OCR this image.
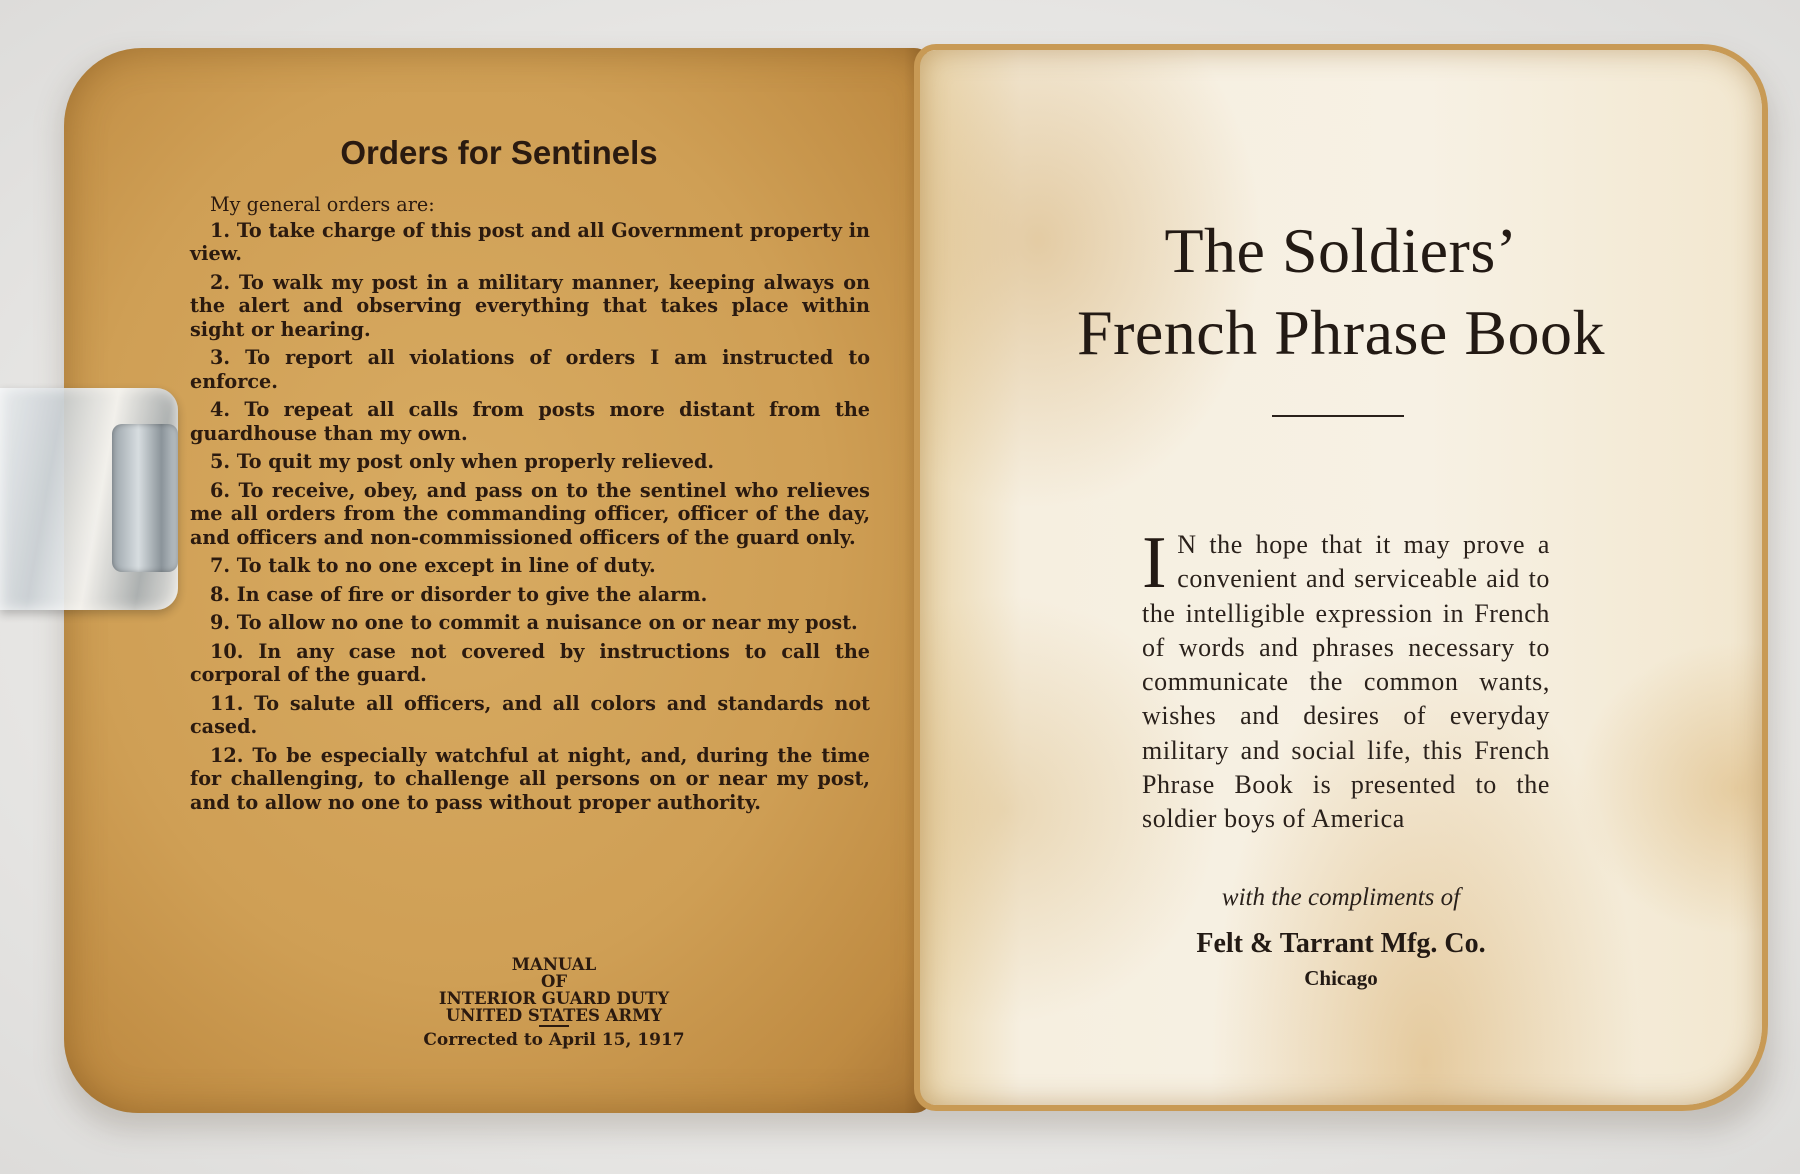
Orders for Sentinels
My general orders are:
1. To take charge of this post and all Government property in view.
2. To walk my post in a military manner, keeping always on the alert and observing everything that takes place within sight or hearing.
3. To report all violations of orders I am instructed to enforce.
4. To repeat all calls from posts more distant from the guardhouse than my own.
5. To quit my post only when properly relieved.
6. To receive, obey, and pass on to the sentinel who relieves me all orders from the commanding officer, officer of the day, and officers and non-commissioned officers of the guard only.
7. To talk to no one except in line of duty.
8. In case of fire or disorder to give the alarm.
9. To allow no one to commit a nuisance on or near my post.
10. In any case not covered by instructions to call the corporal of the guard.
11. To salute all officers, and all colors and standards not cased.
12. To be especially watchful at night, and, during the time for challenging, to challenge all persons on or near my post, and to allow no one to pass without proper authority.
MANUAL
OF
INTERIOR GUARD DUTY
UNITED STATES ARMY
Corrected to April 15, 1917
The Soldiers’
French Phrase Book
I N the hope that it may prove a convenient and serviceable aid to the intelligible expression in French of words and phrases necessary to communicate the common wants, wishes and desires of everyday military and social life, this French Phrase Book is presented to the soldier boys of America
with the compliments of
Felt & Tarrant Mfg. Co.
Chicago
